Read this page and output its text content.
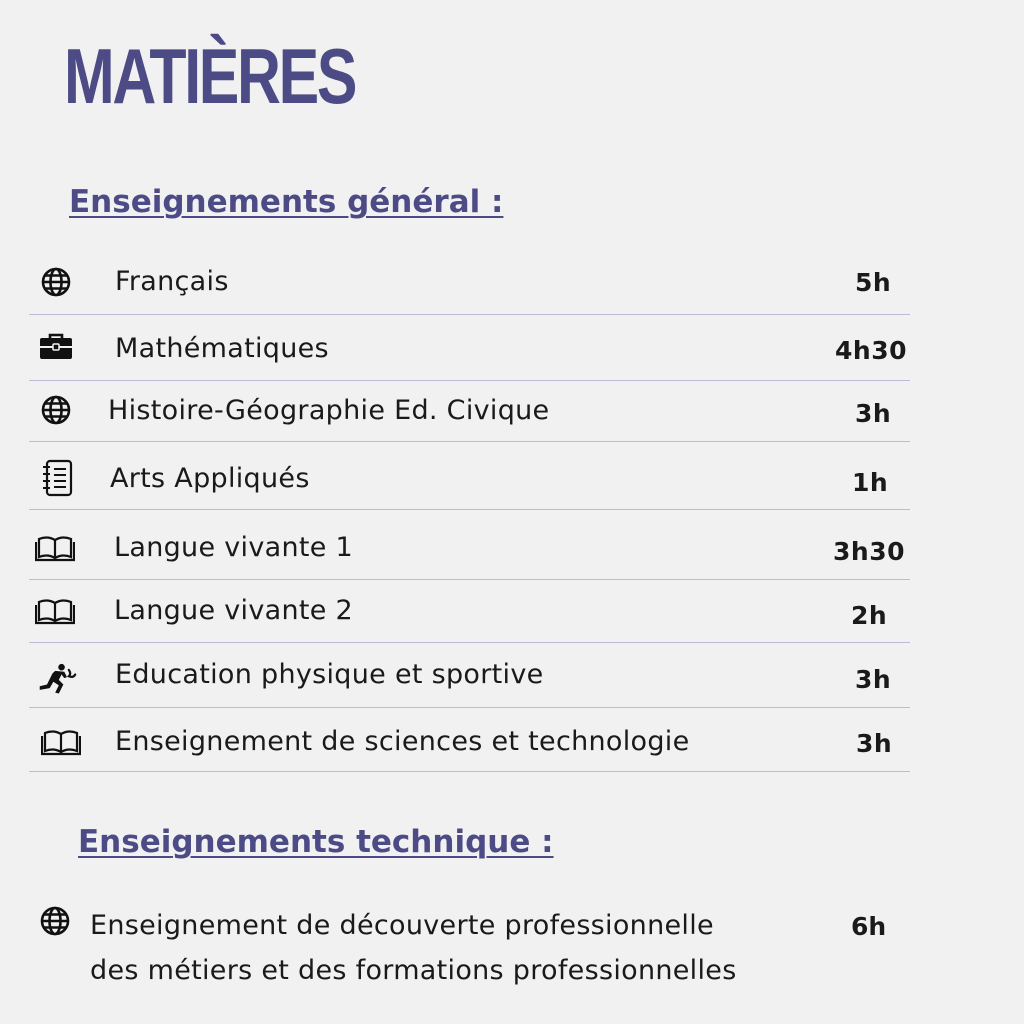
MATIÈRES
Enseignements général :
Français	5h
Mathématiques	4h30
Histoire-Géographie Ed. Civique	3h
Arts Appliqués	1h
Langue vivante 1	3h30
Langue vivante 2	2h
Education physique et sportive	3h
Enseignement de sciences et technologie	3h
Enseignements technique :
Enseignement de découverte professionnelle
des métiers et des formations professionnelles
6h
